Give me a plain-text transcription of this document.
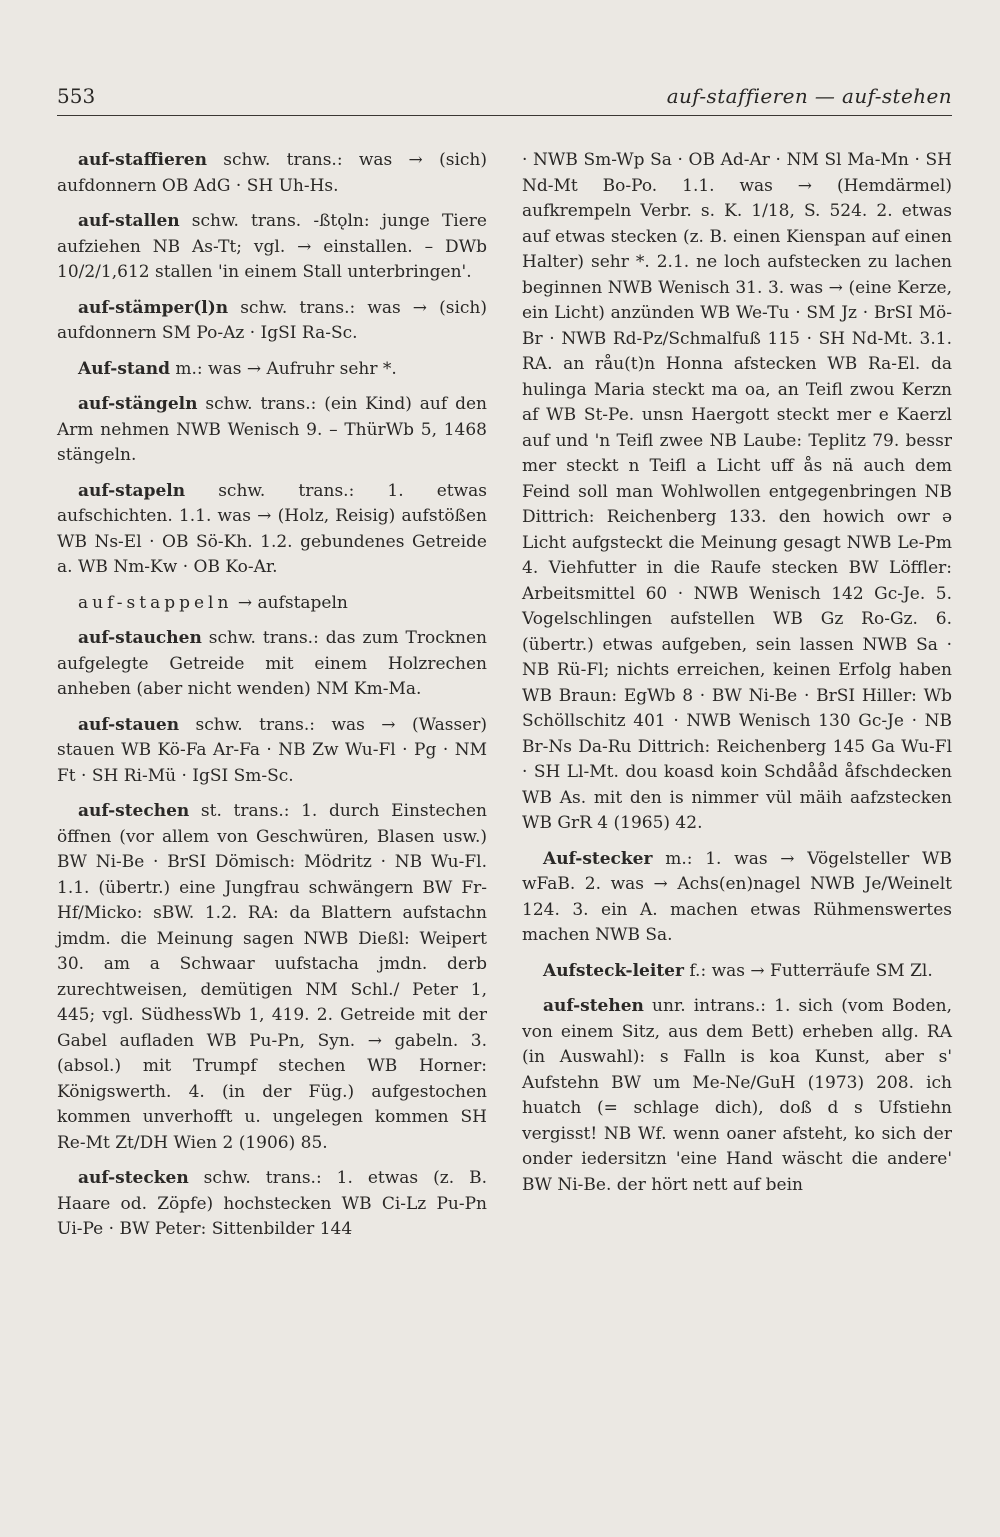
553	auf-staffieren — auf-stehen

auf-staffieren schw. trans.: was → (sich) aufdonnern OB AdG · SH Uh-Hs.

auf-stallen schw. trans. -ßtǫln: junge Tiere aufziehen NB As-Tt; vgl. → einstallen. – DWb 10/2/1,612 stallen 'in einem Stall unterbringen'.

auf-stämper(l)n schw. trans.: was → (sich) aufdonnern SM Po-Az · IgSI Ra-Sc.

Auf-stand m.: was → Aufruhr sehr *.

auf-stängeln schw. trans.: (ein Kind) auf den Arm nehmen NWB Wenisch 9. – ThürWb 5, 1468 stängeln.

auf-stapeln schw. trans.: 1. etwas aufschichten. 1.1. was → (Holz, Reisig) aufstößen WB Ns-El · OB Sö-Kh. 1.2. gebundenes Getreide a. WB Nm-Kw · OB Ko-Ar.

auf-stappeln → aufstapeln

auf-stauchen schw. trans.: das zum Trocknen aufgelegte Getreide mit einem Holzrechen anheben (aber nicht wenden) NM Km-Ma.

auf-stauen schw. trans.: was → (Wasser) stauen WB Kö-Fa Ar-Fa · NB Zw Wu-Fl · Pg · NM Ft · SH Ri-Mü · IgSI Sm-Sc.

auf-stechen st. trans.: 1. durch Einstechen öffnen (vor allem von Geschwüren, Blasen usw.) BW Ni-Be · BrSI Dömisch: Mödritz · NB Wu-Fl. 1.1. (übertr.) eine Jungfrau schwängern BW Fr-Hf/Micko: sBW. 1.2. RA: da Blattern aufstachn jmdm. die Meinung sagen NWB Dießl: Weipert 30. am a Schwaar uufstacha jmdn. derb zurechtweisen, demütigen NM Schl./ Peter 1, 445; vgl. SüdhessWb 1, 419. 2. Getreide mit der Gabel aufladen WB Pu-Pn, Syn. → gabeln. 3. (absol.) mit Trumpf stechen WB Horner: Königswerth. 4. (in der Füg.) aufgestochen kommen unverhofft u. ungelegen kommen SH Re-Mt Zt/DH Wien 2 (1906) 85.

auf-stecken schw. trans.: 1. etwas (z. B. Haare od. Zöpfe) hochstecken WB Ci-Lz Pu-Pn Ui-Pe · BW Peter: Sittenbilder 144

· NWB Sm-Wp Sa · OB Ad-Ar · NM Sl Ma-Mn · SH Nd-Mt Bo-Po. 1.1. was → (Hemdärmel) aufkrempeln Verbr. s. K. 1/18, S. 524. 2. etwas auf etwas stecken (z. B. einen Kienspan auf einen Halter) sehr *. 2.1. ne loch aufstecken zu lachen beginnen NWB Wenisch 31. 3. was → (eine Kerze, ein Licht) anzünden WB We-Tu · SM Jz · BrSI Mö-Br · NWB Rd-Pz/Schmalfuß 115 · SH Nd-Mt. 3.1. RA. an råu(t)n Honna afstecken WB Ra-El. da hulinga Maria steckt ma oa, an Teifl zwou Kerzn af WB St-Pe. unsn Haergott steckt mer e Kaerzl auf und 'n Teifl zwee NB Laube: Teplitz 79. bessr mer steckt n Teifl a Licht uff ås nä auch dem Feind soll man Wohlwollen entgegenbringen NB Dittrich: Reichenberg 133. den howich owr ə Licht aufgsteckt die Meinung gesagt NWB Le-Pm 4. Viehfutter in die Raufe stecken BW Löffler: Arbeitsmittel 60 · NWB Wenisch 142 Gc-Je. 5. Vogelschlingen aufstellen WB Gz Ro-Gz. 6. (übertr.) etwas aufgeben, sein lassen NWB Sa · NB Rü-Fl; nichts erreichen, keinen Erfolg haben WB Braun: EgWb 8 · BW Ni-Be · BrSI Hiller: Wb Schöllschitz 401 · NWB Wenisch 130 Gc-Je · NB Br-Ns Da-Ru Dittrich: Reichenberg 145 Ga Wu-Fl · SH Ll-Mt. dou koasd koin Schdååd åfschdecken WB As. mit den is nimmer vül mäih aafzstecken WB GrR 4 (1965) 42.

Auf-stecker m.: 1. was → Vögelsteller WB wFaB. 2. was → Achs(en)nagel NWB Je/Weinelt 124. 3. ein A. machen etwas Rühmenswertes machen NWB Sa.

Aufsteck-leiter f.: was → Futterräufe SM Zl.

auf-stehen unr. intrans.: 1. sich (vom Boden, von einem Sitz, aus dem Bett) erheben allg. RA (in Auswahl): s Falln is koa Kunst, aber s' Aufstehn BW um Me-Ne/GuH (1973) 208. ich huatch (= schlage dich), doß d s Ufstiehn vergisst! NB Wf. wenn oaner afsteht, ko sich der onder iedersitzn 'eine Hand wäscht die andere' BW Ni-Be. der hört nett auf bein
